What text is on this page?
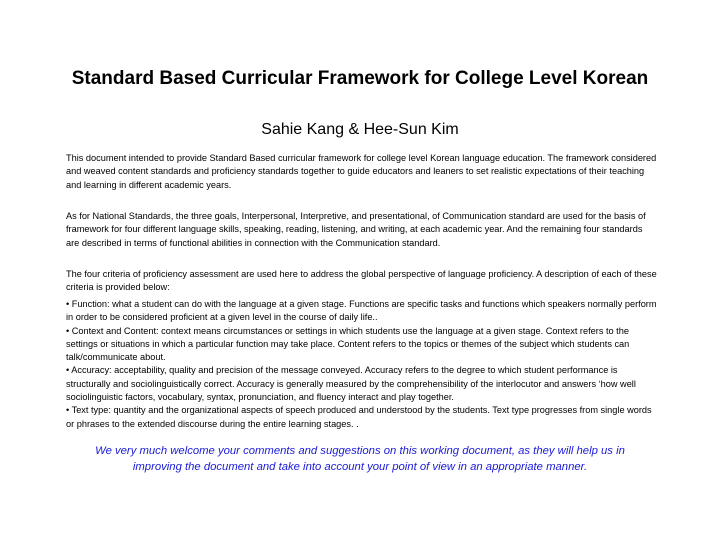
Standard Based Curricular Framework for College Level Korean

Sahie Kang & Hee-Sun Kim

This document intended to provide Standard Based curricular framework for college level Korean language education. The framework considered and weaved content standards and proficiency standards together to guide educators and leaners to set realistic expectations of their teaching and learning in different academic years.

As for National Standards, the three goals, Interpersonal, Interpretive, and presentational, of Communication standard are used for the basis of framework for four different language skills, speaking, reading, listening, and writing, at each academic year. And the remaining four standards are described in terms of functional abilities in connection with the Communication standard.

The four criteria of proficiency assessment are used here to address the global perspective of language proficiency. A description of each of these criteria is provided below:

• Function: what a student can do with the language at a given stage. Functions are specific tasks and functions which speakers normally perform in order to be considered proficient at a given level in the course of daily life..
• Context and Content: context means circumstances or settings in which students use the language at a given stage. Context refers to the settings or situations in which a particular function may take place. Content refers to the topics or themes of the subject which students can talk/communicate about.
• Accuracy: acceptability, quality and precision of the message conveyed. Accuracy refers to the degree to which student performance is structurally and sociolinguistically correct. Accuracy is generally measured by the comprehensibility of the interlocutor and answers ‘how well sociolinguistic factors, vocabulary, syntax, pronunciation, and fluency interact and play together.
• Text type: quantity and the organizational aspects of speech produced and understood by the students. Text type progresses from single words or phrases to the extended discourse during the entire learning stages. .

We very much welcome your comments and suggestions on this working document, as they will help us in improving the document and take into account your point of view in an appropriate manner.
